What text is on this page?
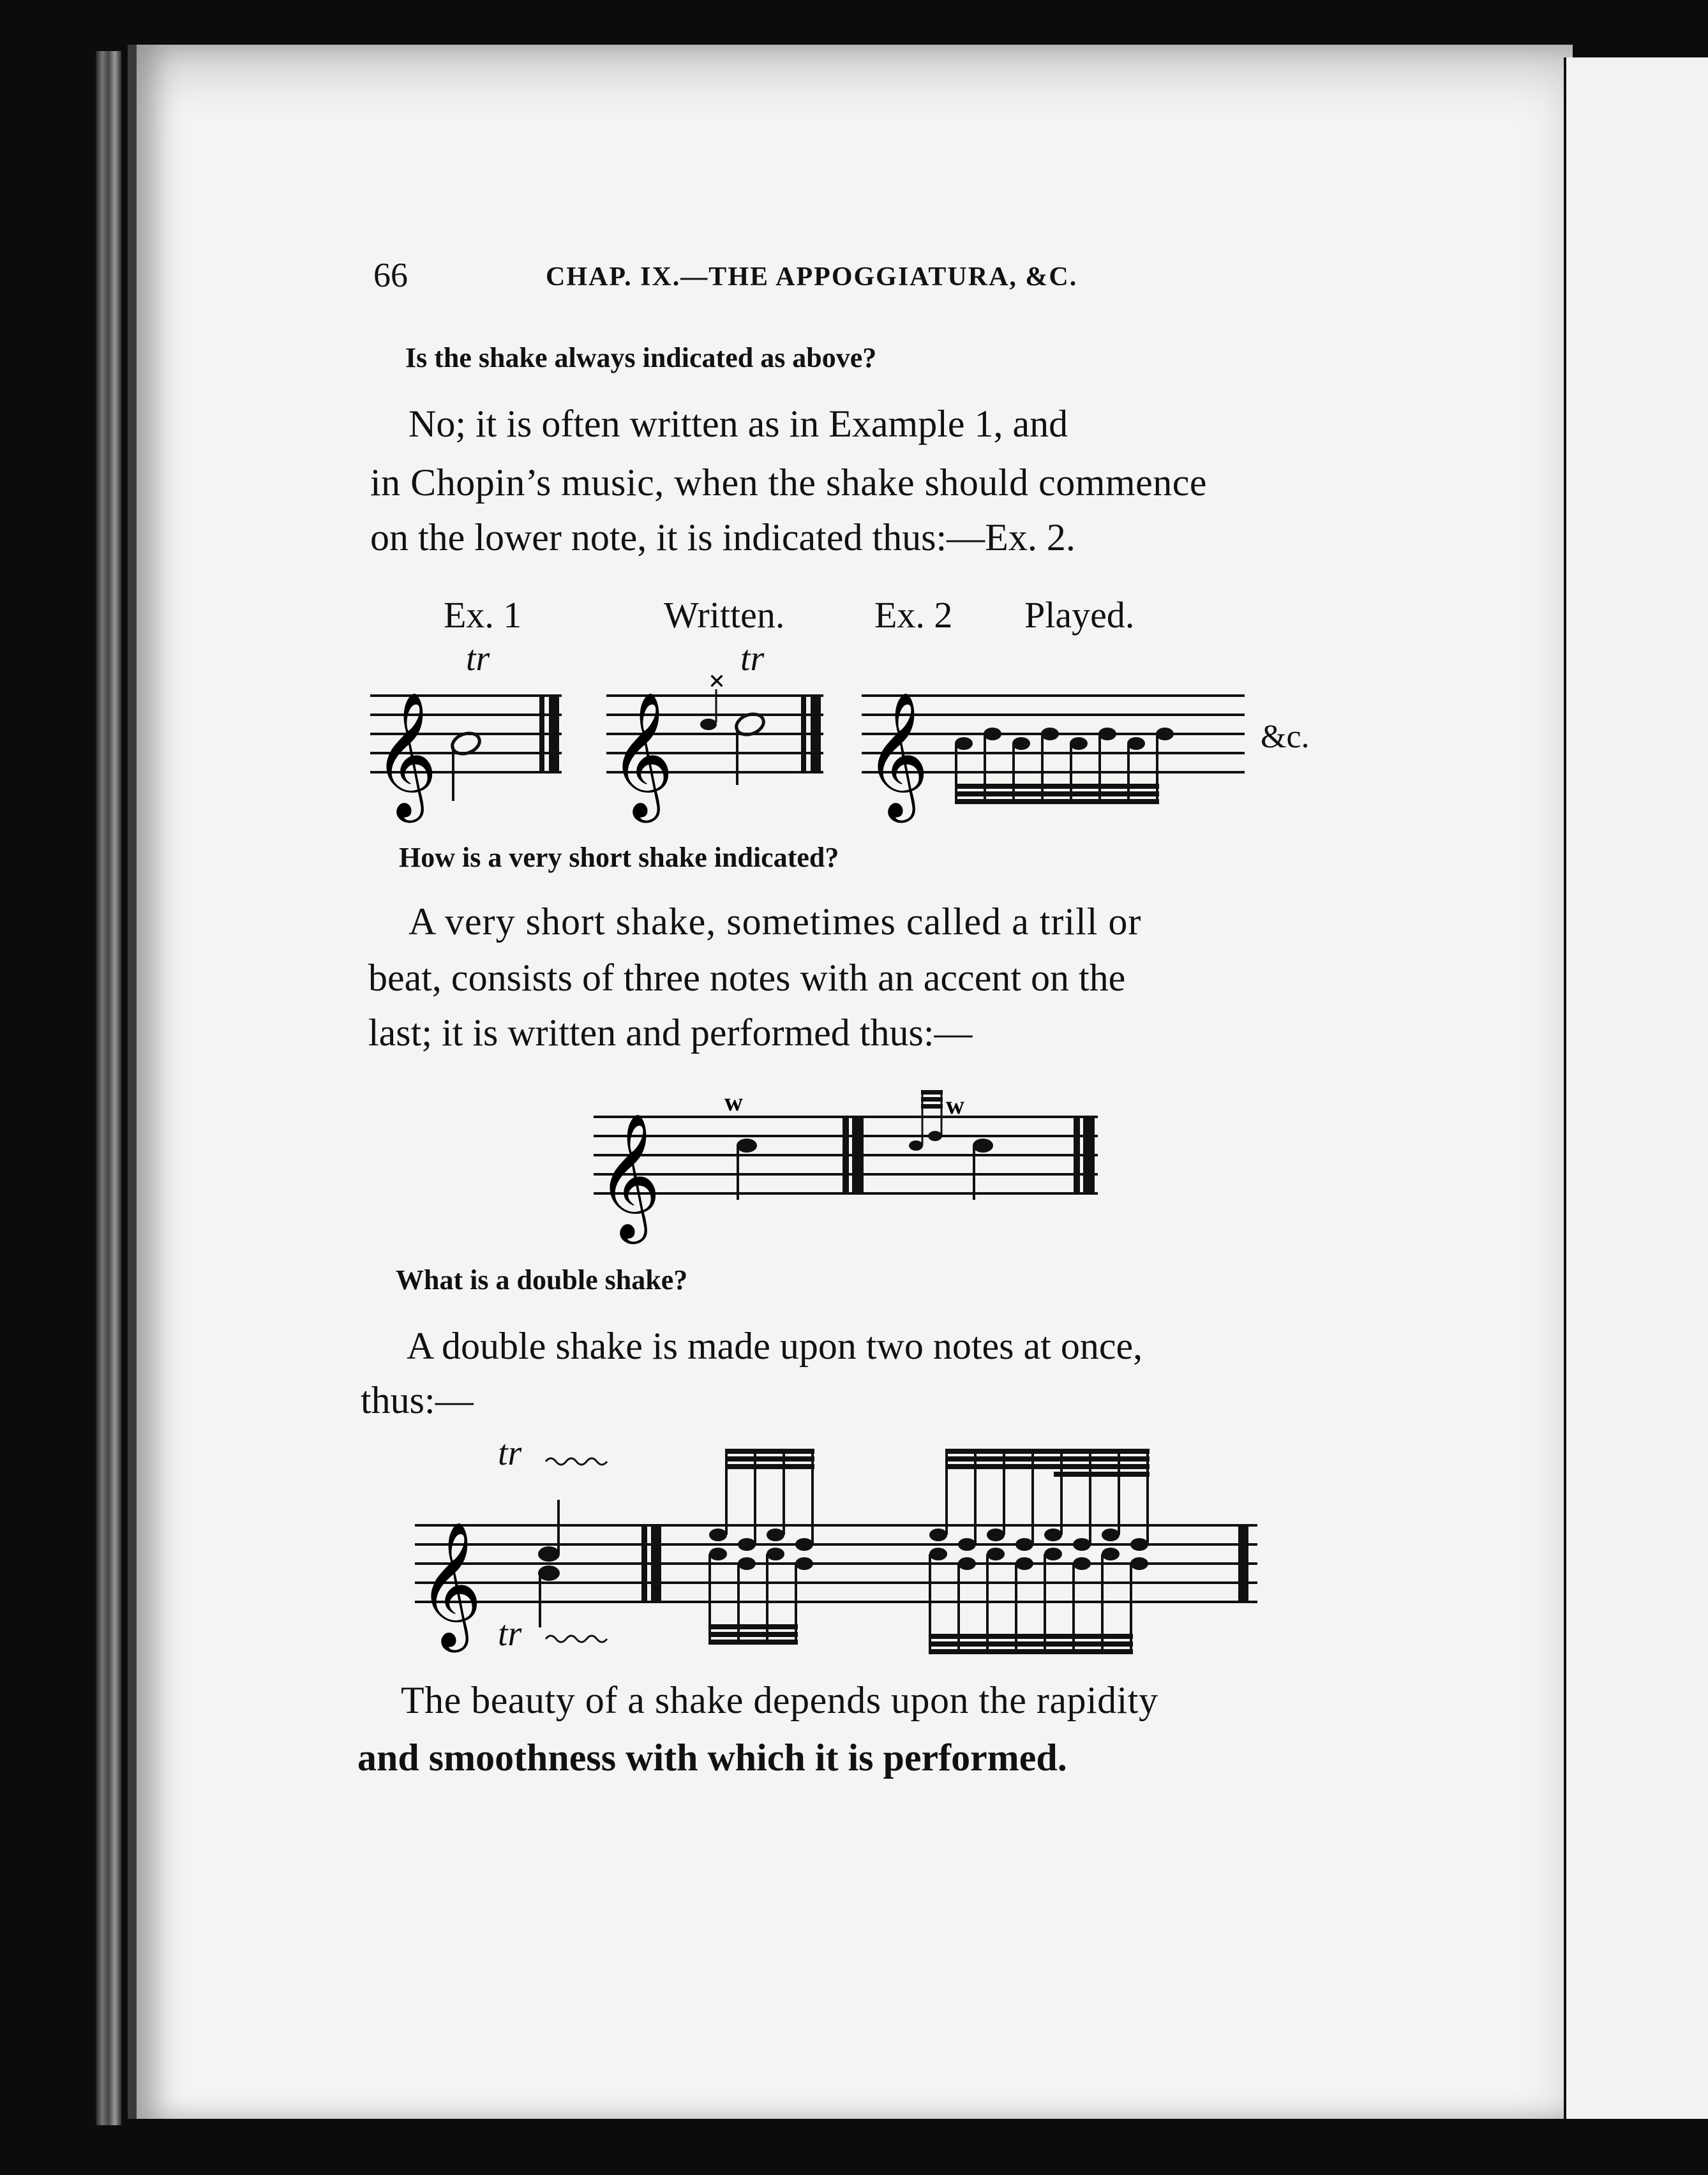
66	CHAP. IX.—THE APPOGGIATURA, &C.
Is the shake always indicated as above?
No; it is often written as in Example 1, and
in Chopin’s music, when the shake should commence
on the lower note, it is indicated thus:—Ex. 2.
Ex. 1	Written. Ex. 2 Played.
tr	tr
&c.
𝄞 𝄞
×
𝄞
How is a very short shake indicated?
A very short shake, sometimes called a trill or
beat, consists of three notes with an accent on the
last; it is written and performed thus:—
𝄞
w	w
What is a double shake?
A double shake is made upon two notes at once,
thus:—
tr
tr
𝄞
The beauty of a shake depends upon the rapidity
and smoothness with which it is performed.
